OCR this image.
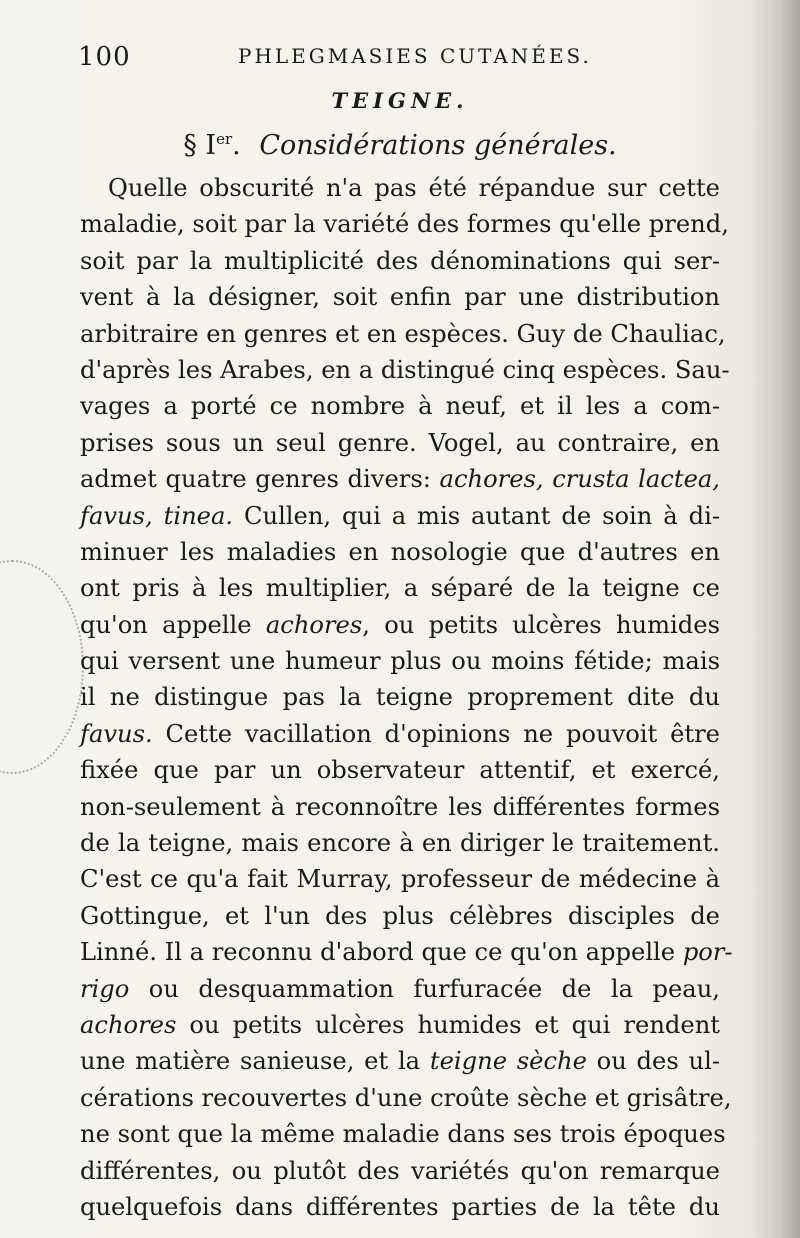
100	PHLEGMASIES CUTANÉES.
TEIGNE.
§ Ier. Considérations générales.
Quelle obscurité n'a pas été répandue sur cette
maladie, soit par la variété des formes qu'elle prend,
soit par la multiplicité des dénominations qui ser-
vent à la désigner, soit enfin par une distribution
arbitraire en genres et en espèces. Guy de Chauliac,
d'après les Arabes, en a distingué cinq espèces. Sau-
vages a porté ce nombre à neuf, et il les a com-
prises sous un seul genre. Vogel, au contraire, en
admet quatre genres divers: achores, crusta lactea,
favus, tinea. Cullen, qui a mis autant de soin à di-
minuer les maladies en nosologie que d'autres en
ont pris à les multiplier, a séparé de la teigne ce
qu'on appelle achores, ou petits ulcères humides
qui versent une humeur plus ou moins fétide; mais
il ne distingue pas la teigne proprement dite du
favus. Cette vacillation d'opinions ne pouvoit être
fixée que par un observateur attentif, et exercé,
non-seulement à reconnoître les différentes formes
de la teigne, mais encore à en diriger le traitement.
C'est ce qu'a fait Murray, professeur de médecine à
Gottingue, et l'un des plus célèbres disciples de
Linné. Il a reconnu d'abord que ce qu'on appelle por-
rigo ou desquammation furfuracée de la peau,
achores ou petits ulcères humides et qui rendent
une matière sanieuse, et la teigne sèche ou des ul-
cérations recouvertes d'une croûte sèche et grisâtre,
ne sont que la même maladie dans ses trois époques
différentes, ou plutôt des variétés qu'on remarque
quelquefois dans différentes parties de la tête du
